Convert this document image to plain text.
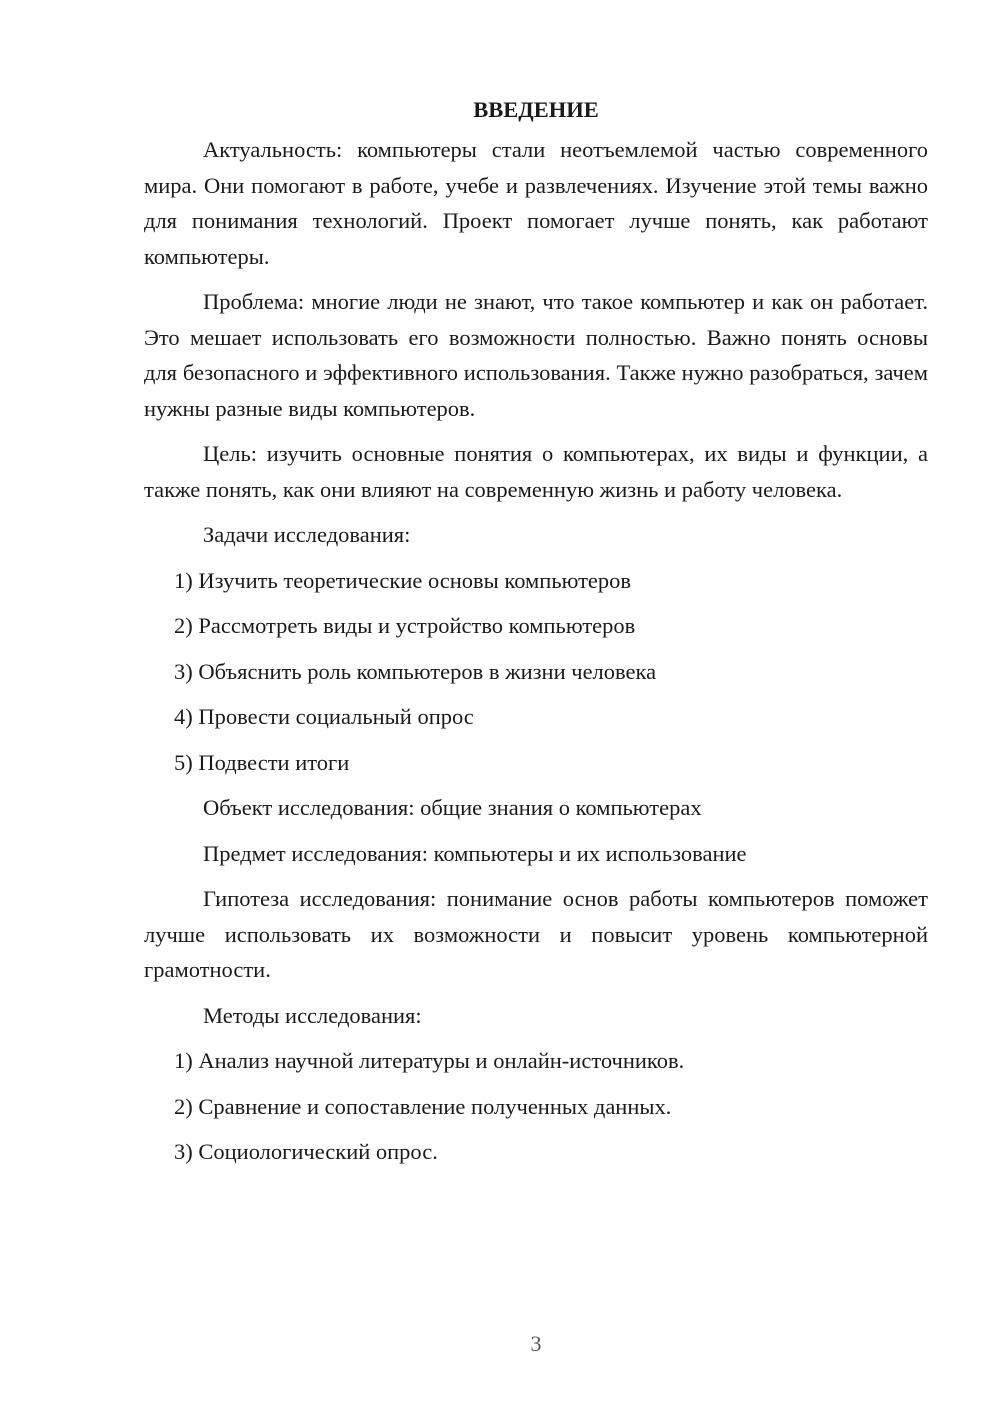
ВВЕДЕНИЕ

Актуальность: компьютеры стали неотъемлемой частью современного мира. Они помогают в работе, учебе и развлечениях. Изучение этой темы важно для понимания технологий. Проект помогает лучше понять, как работают компьютеры.

Проблема: многие люди не знают, что такое компьютер и как он работает. Это мешает использовать его возможности полностью. Важно понять основы для безопасного и эффективного использования. Также нужно разобраться, зачем нужны разные виды компьютеров.

Цель: изучить основные понятия о компьютерах, их виды и функции, а также понять, как они влияют на современную жизнь и работу человека.

Задачи исследования:

1) Изучить теоретические основы компьютеров

2) Рассмотреть виды и устройство компьютеров

3) Объяснить роль компьютеров в жизни человека

4) Провести социальный опрос

5) Подвести итоги

Объект исследования: общие знания о компьютерах

Предмет исследования: компьютеры и их использование

Гипотеза исследования: понимание основ работы компьютеров поможет лучше использовать их возможности и повысит уровень компьютерной грамотности.

Методы исследования:

1) Анализ научной литературы и онлайн-источников.

2) Сравнение и сопоставление полученных данных.

3) Социологический опрос.

3
